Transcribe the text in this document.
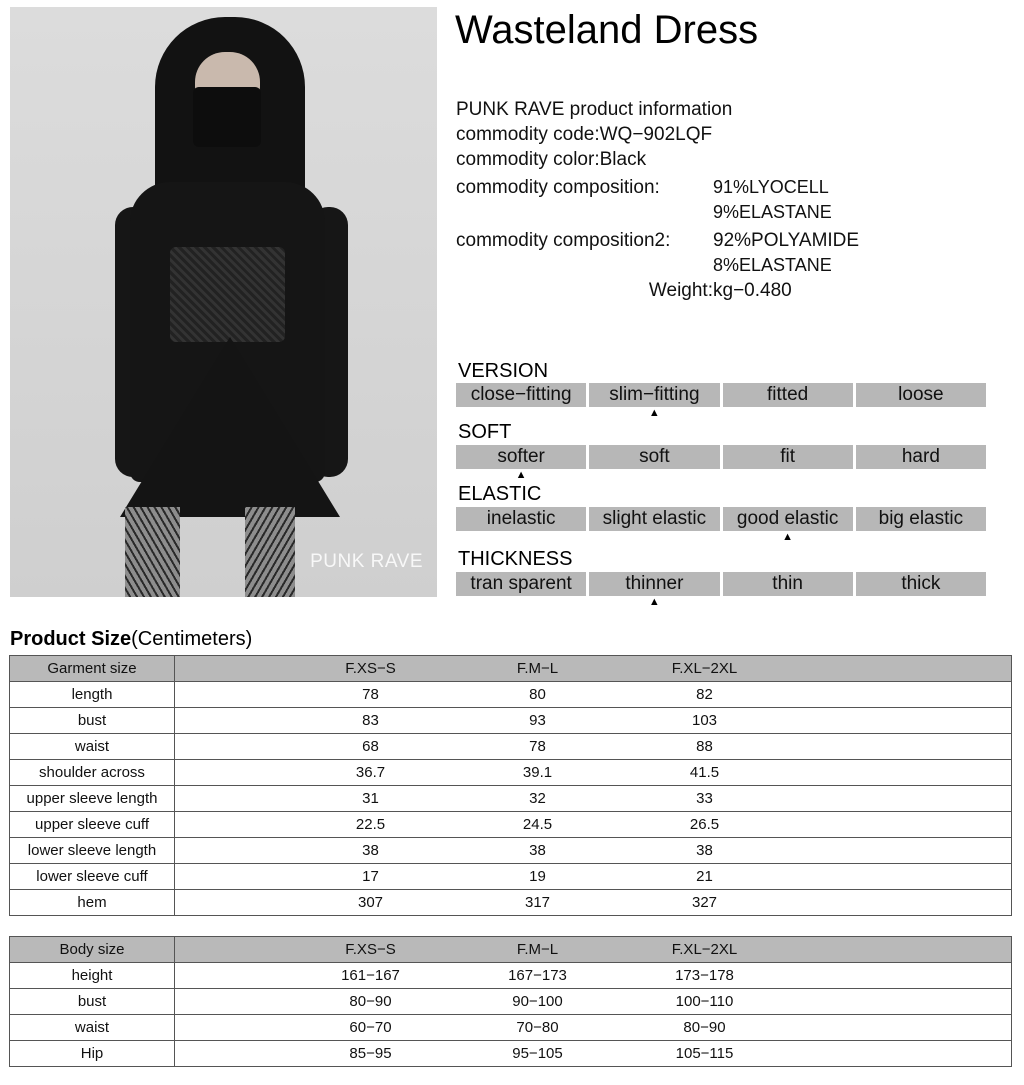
PUNK RAVE
Wasteland Dress
PUNK RAVE product information
commodity code: WQ−902LQF
commodity color: Black
commodity composition:	91%LYOCELL
9%ELASTANE
commodity composition2:	92%POLYAMIDE
8%ELASTANE
Weight: kg−0.480
VERSION
close−fitting	slim−fitting	fitted	loose
▲
SOFT
softer	soft	fit	hard
▲
ELASTIC
inelastic	slight elastic	good elastic	big elastic
▲
THICKNESS
tran sparent	thinner	thin	thick
▲
Product Size(Centimeters)
Garment size	F.XS−S F.M−L F.XL−2XL

length	78 80 82

bust	83 93 103

waist	68 78 88

shoulder across	36.7 39.1 41.5

upper sleeve length	31 32 33

upper sleeve cuff	22.5 24.5 26.5

lower sleeve length	38 38 38

lower sleeve cuff	17 19 21

hem	307 317 327
Body size	F.XS−S F.M−L F.XL−2XL

height	161−167 167−173 173−178

bust	80−90 90−100 100−110

waist	60−70 70−80 80−90

Hip	85−95 95−105 105−115
